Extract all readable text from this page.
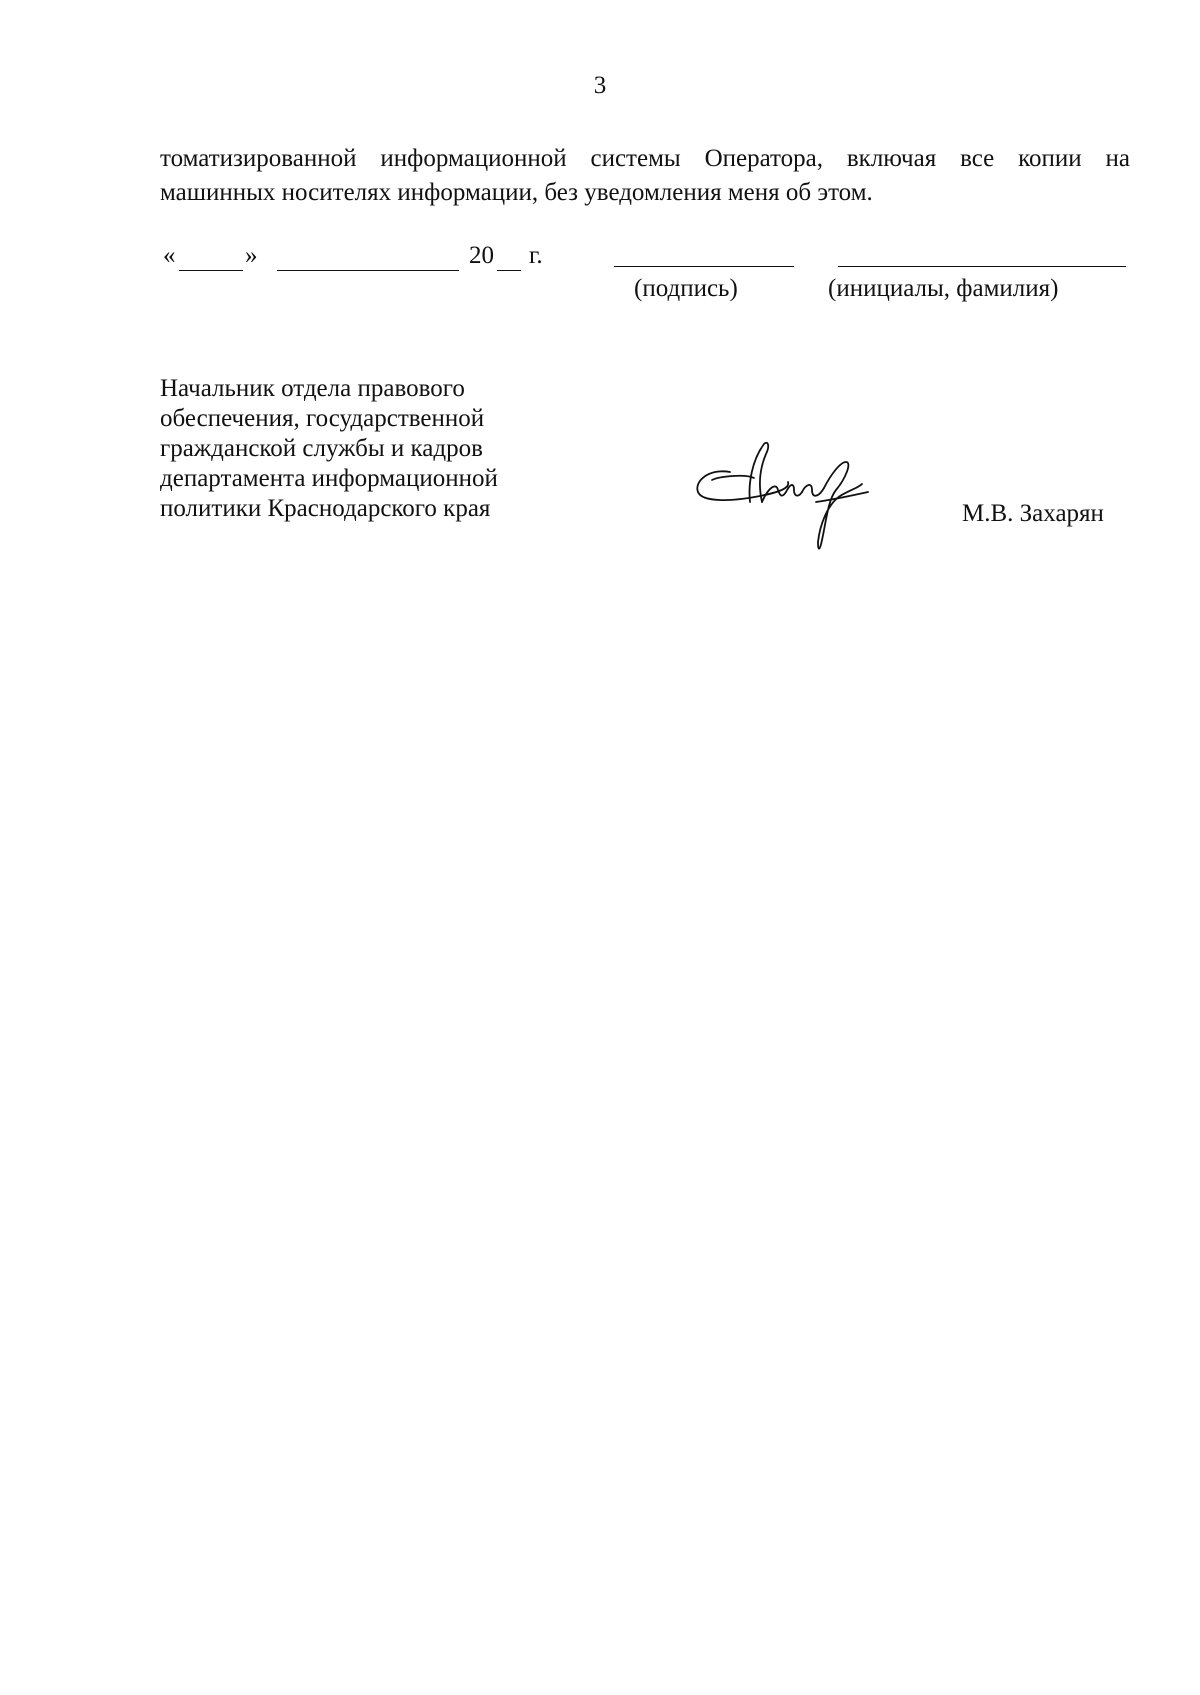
3
томатизированной информационной системы Оператора, включая все копии на
машинных носителях информации, без уведомления меня об этом.
«	»	20 г.
(подпись)	(инициалы, фамилия)
Начальник отдела правового
обеспечения, государственной
гражданской службы и кадров
департамента информационной
политики Краснодарского края	М.В. Захарян
